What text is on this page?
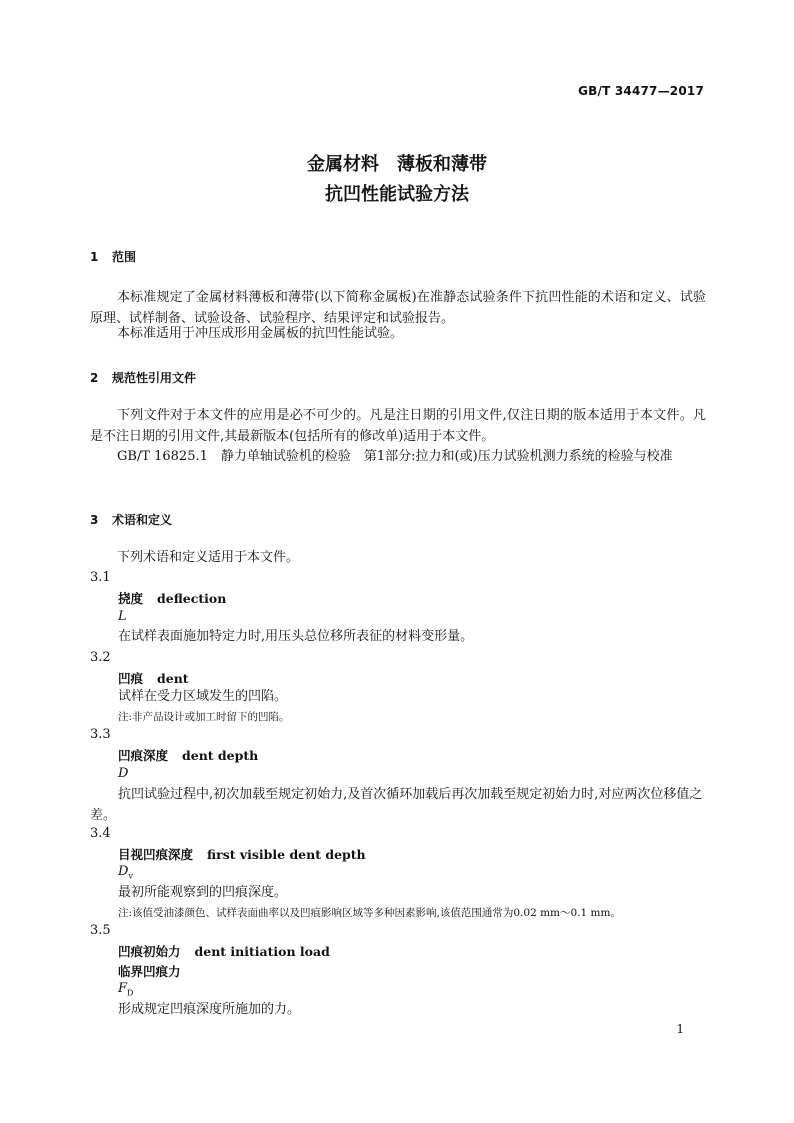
GB/T 34477—2017
金属材料　薄板和薄带
抗凹性能试验方法
1 范围
本标准规定了金属材料薄板和薄带(以下简称金属板)在准静态试验条件下抗凹性能的术语和定义、试验原理、试样制备、试验设备、试验程序、结果评定和试验报告。
本标准适用于冲压成形用金属板的抗凹性能试验。
2 规范性引用文件
下列文件对于本文件的应用是必不可少的。凡是注日期的引用文件,仅注日期的版本适用于本文件。凡是不注日期的引用文件,其最新版本(包括所有的修改单)适用于本文件。
GB/T 16825.1　静力单轴试验机的检验　第1部分:拉力和(或)压力试验机测力系统的检验与校准
3 术语和定义
下列术语和定义适用于本文件。
3.1
挠度 deflection
L
在试样表面施加特定力时,用压头总位移所表征的材料变形量。
3.2
凹痕 dent
试样在受力区域发生的凹陷。
注:非产品设计或加工时留下的凹陷。
3.3
凹痕深度 dent depth
D
抗凹试验过程中,初次加载至规定初始力,及首次循环加载后再次加载至规定初始力时,对应两次位移值之差。
3.4
目视凹痕深度 first visible dent depth
$D_v$
最初所能观察到的凹痕深度。
注:该值受油漆颜色、试样表面曲率以及凹痕影响区域等多种因素影响,该值范围通常为0.02 mm～0.1 mm。
3.5
凹痕初始力 dent initiation load
临界凹痕力
$F_D$
形成规定凹痕深度所施加的力。
1
